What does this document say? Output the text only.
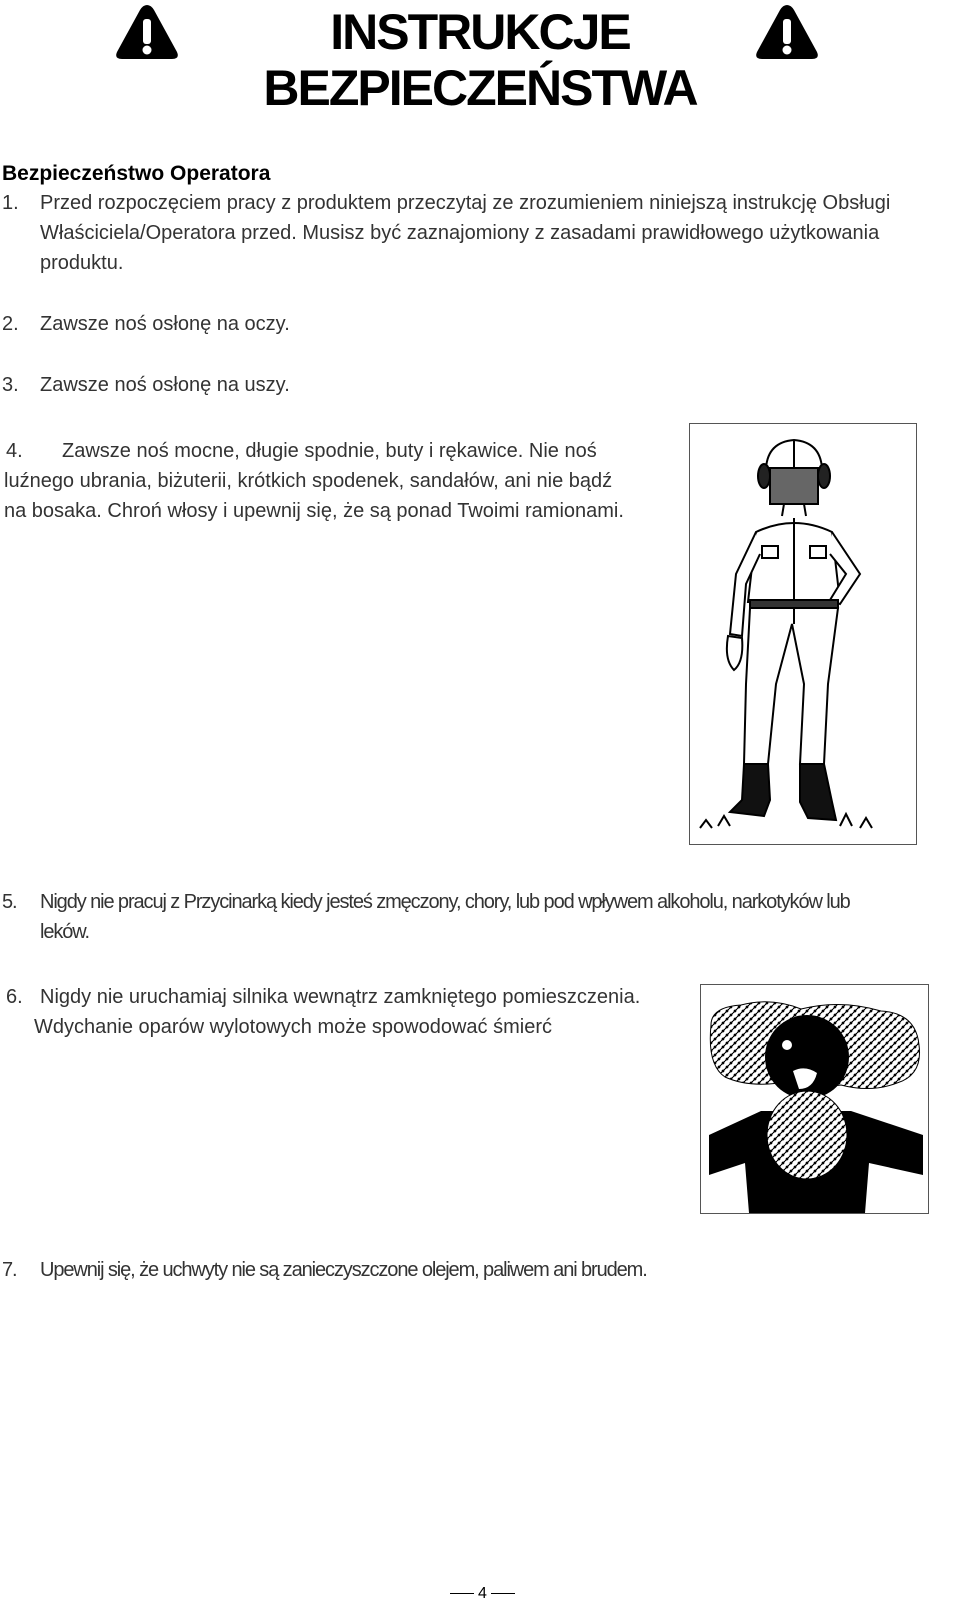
INSTRUKCJE
BEZPIECZEŃSTWA
Bezpieczeństwo Operatora
1. Przed rozpoczęciem pracy z produktem przeczytaj ze zrozumieniem niniejszą instrukcję Obsługi
Właściciela/Operatora przed. Musisz być zaznajomiony z zasadami prawidłowego użytkowania
produktu.
2. Zawsze noś osłonę na oczy.
3. Zawsze noś osłonę na uszy.
4. Zawsze noś mocne, długie spodnie, buty i rękawice. Nie noś
luźnego ubrania, biżuterii, krótkich spodenek, sandałów, ani nie bądź
na bosaka. Chroń włosy i upewnij się, że są ponad Twoimi ramionami.
5. Nigdy nie pracuj z Przycinarką kiedy jesteś zmęczony, chory, lub pod wpływem alkoholu, narkotyków lub
leków.
6. Nigdy nie uruchamiaj silnika wewnątrz zamkniętego pomieszczenia.
Wdychanie oparów wylotowych może spowodować śmierć
7. Upewnij się, że uchwyty nie są zanieczyszczone olejem, paliwem ani brudem.
4
